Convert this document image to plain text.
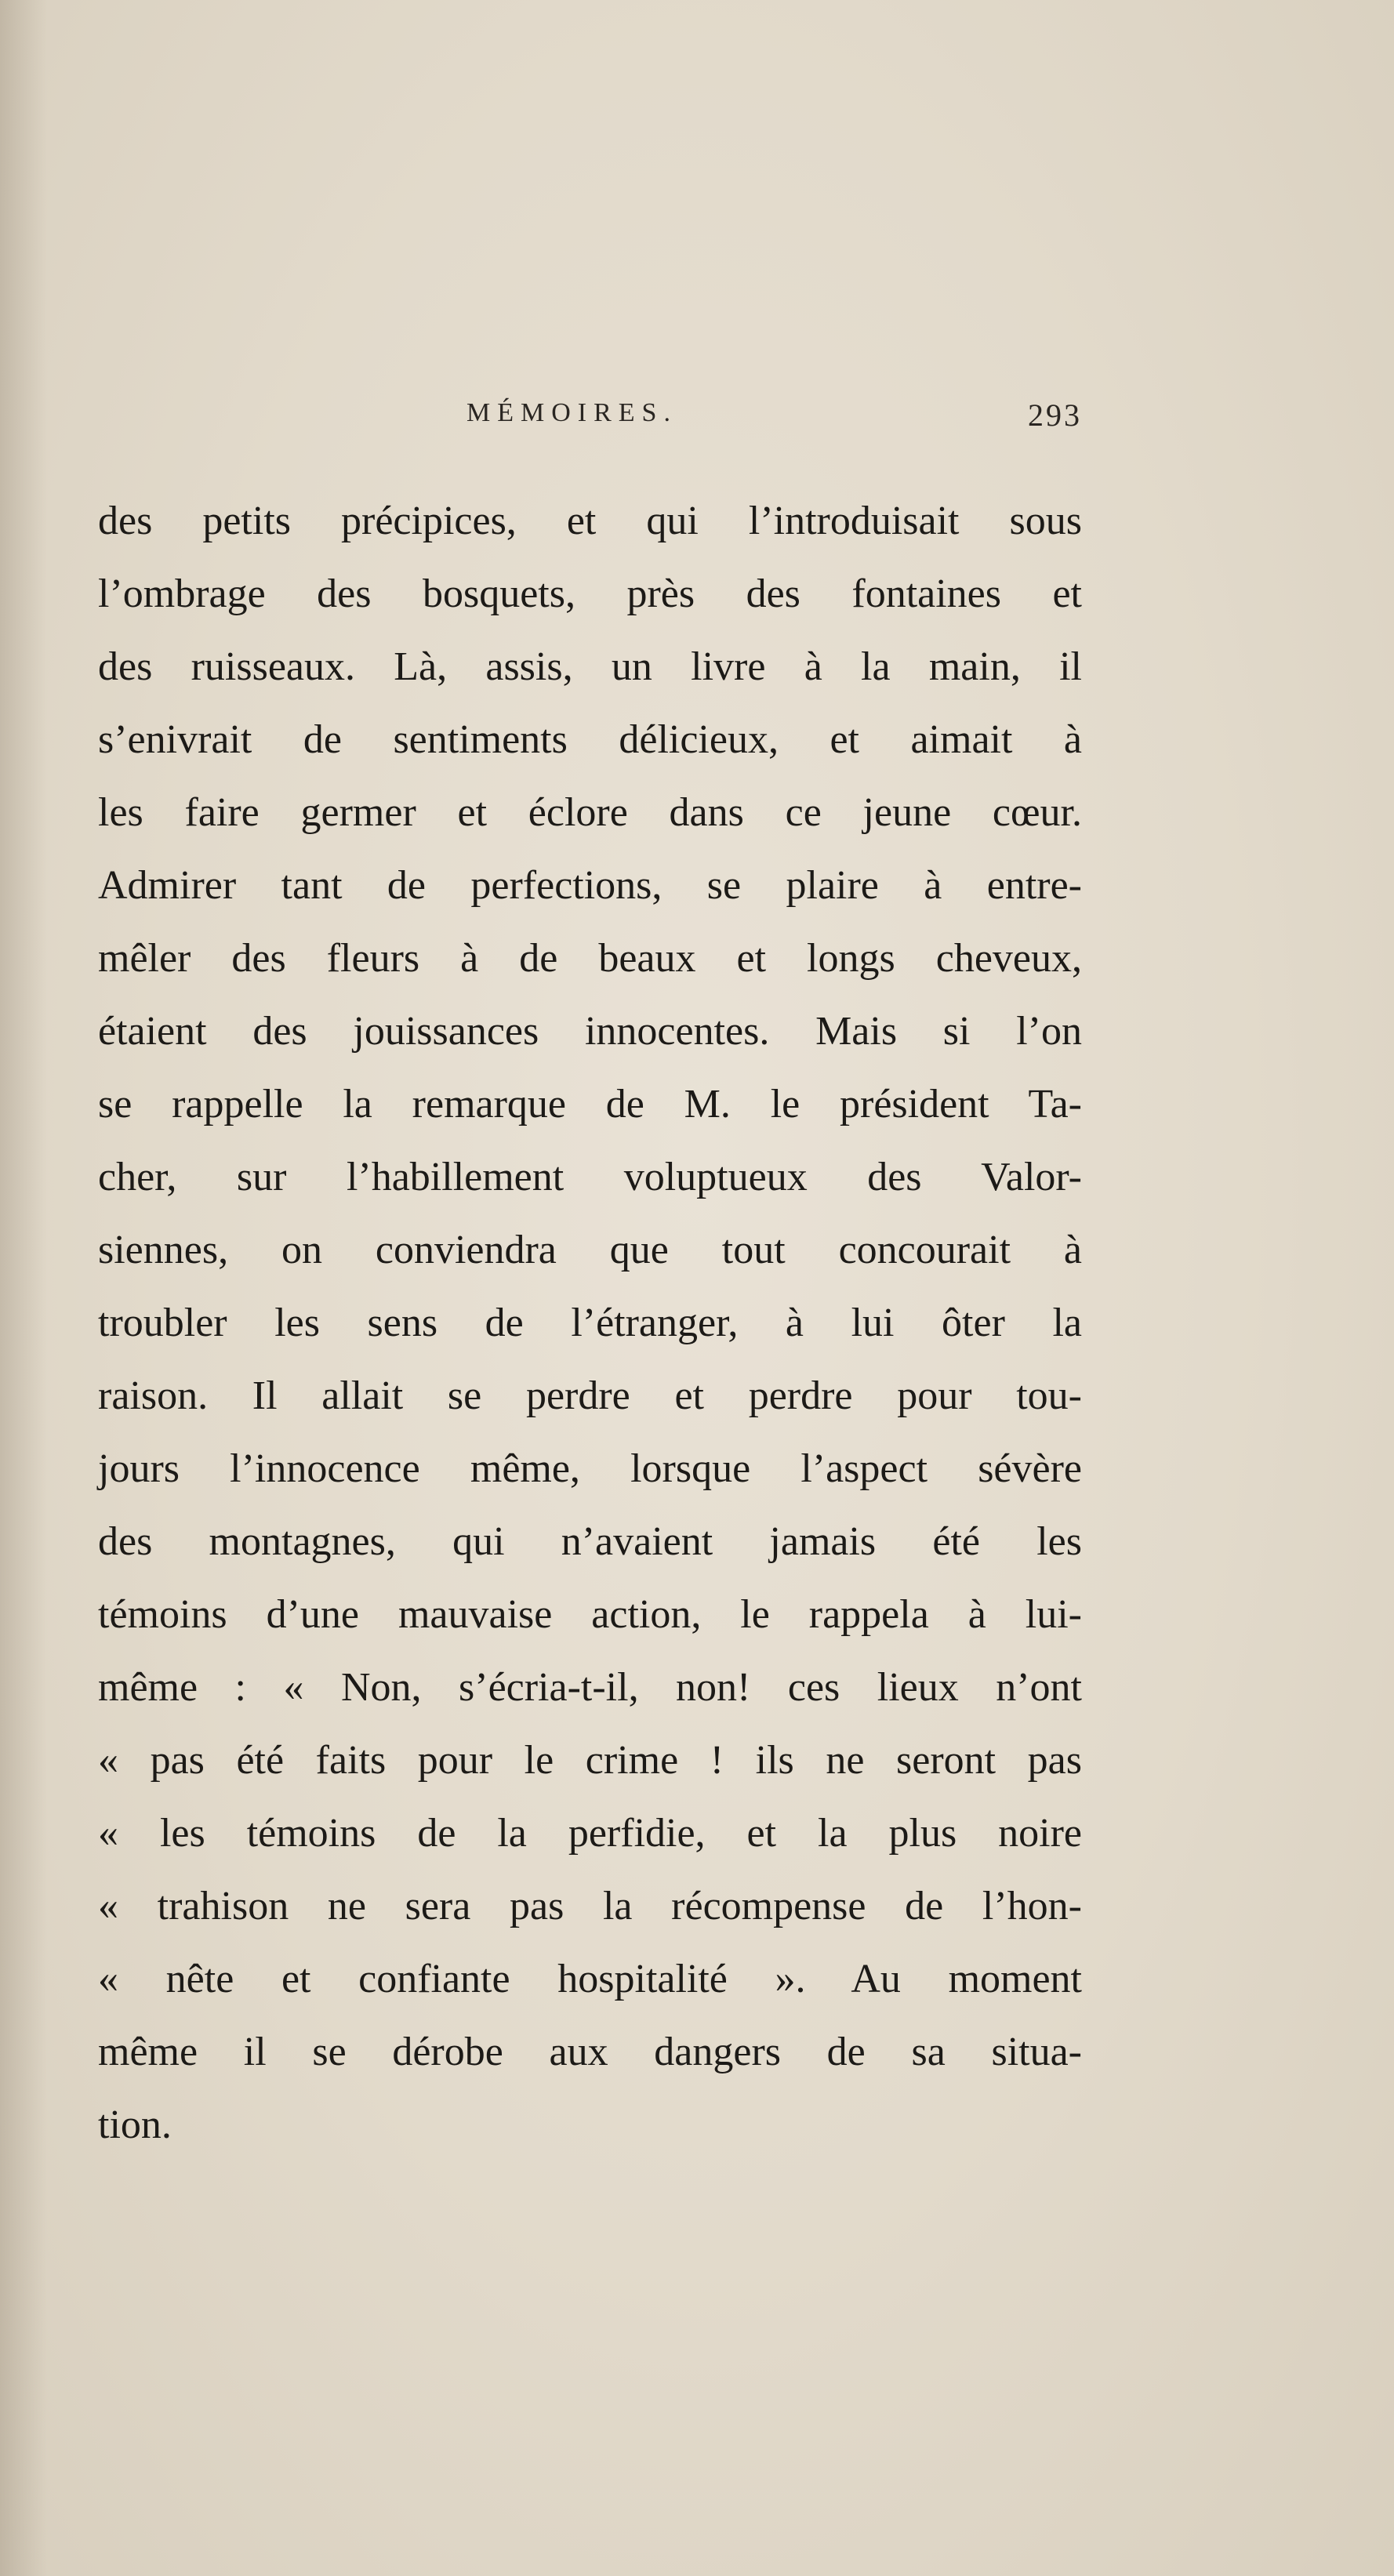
MÉMOIRES.	293
des petits précipices, et qui l’introduisait sous
l’ombrage des bosquets, près des fontaines et
des ruisseaux. Là, assis, un livre à la main, il
s’enivrait de sentiments délicieux, et aimait à
les faire germer et éclore dans ce jeune cœur.
Admirer tant de perfections, se plaire à entre-
mêler des fleurs à de beaux et longs cheveux,
étaient des jouissances innocentes. Mais si l’on
se rappelle la remarque de M. le président Ta-
cher, sur l’habillement voluptueux des Valor-
siennes, on conviendra que tout concourait à
troubler les sens de l’étranger, à lui ôter la
raison. Il allait se perdre et perdre pour tou-
jours l’innocence même, lorsque l’aspect sévère
des montagnes, qui n’avaient jamais été les
témoins d’une mauvaise action, le rappela à lui-
même : « Non, s’écria-t-il, non! ces lieux n’ont
« pas été faits pour le crime ! ils ne seront pas
« les témoins de la perfidie, et la plus noire
« trahison ne sera pas la récompense de l’hon-
« nête et confiante hospitalité ». Au moment
même il se dérobe aux dangers de sa situa-
tion.
